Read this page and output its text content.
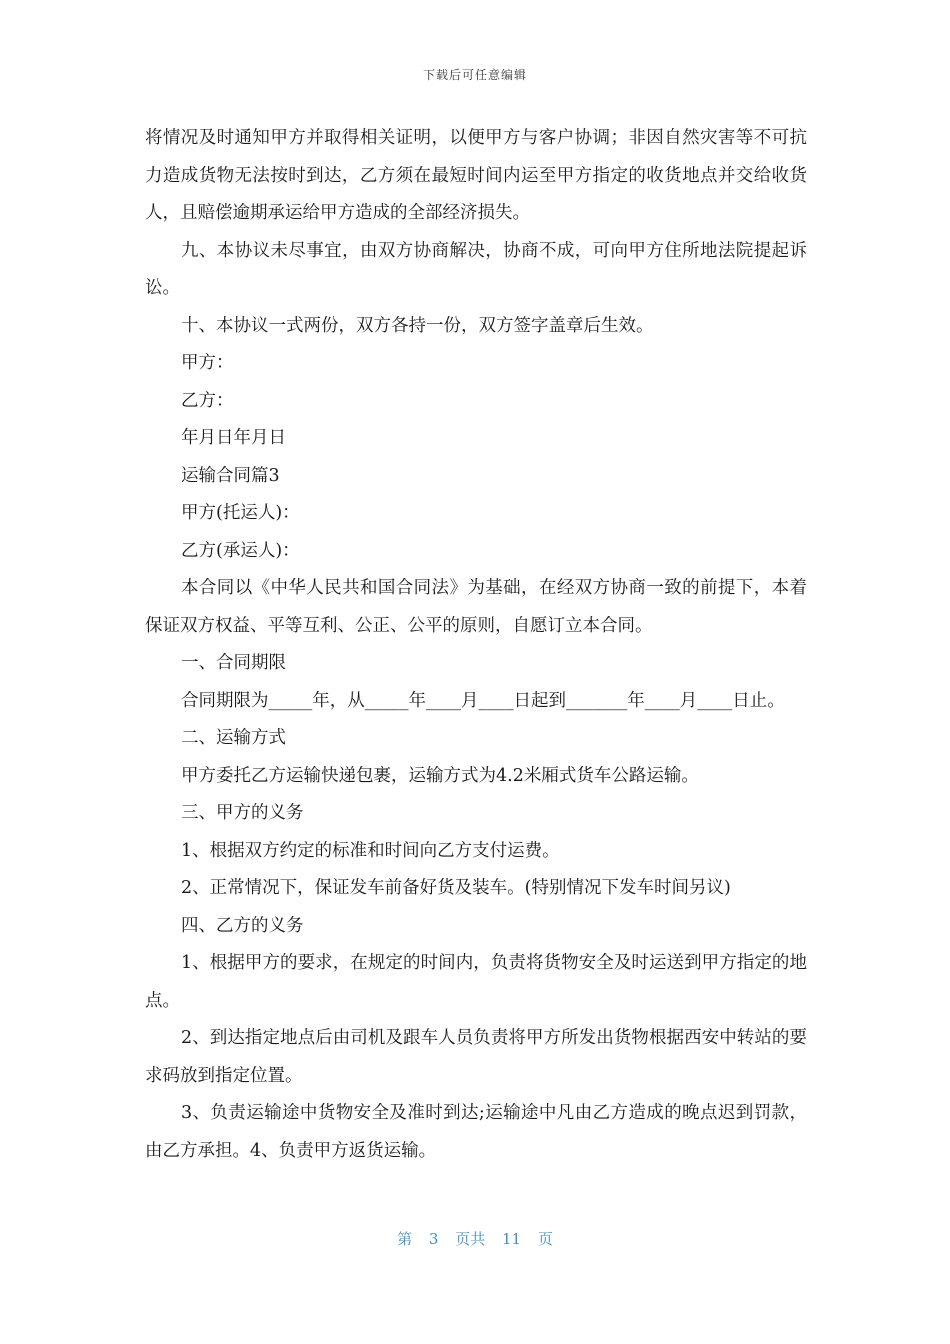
下载后可任意编辑

将情况及时通知甲方并取得相关证明，以便甲方与客户协调；非因自然灾害等不可抗力造成货物无法按时到达，乙方须在最短时间内运至甲方指定的收货地点并交给收货人，且赔偿逾期承运给甲方造成的全部经济损失。

九、本协议未尽事宜，由双方协商解决，协商不成，可向甲方住所地法院提起诉讼。

十、本协议一式两份，双方各持一份，双方签字盖章后生效。

甲方：

乙方：

年月日年月日

运输合同篇3

甲方(托运人)：

乙方(承运人)：

本合同以《中华人民共和国合同法》为基础，在经双方协商一致的前提下，本着保证双方权益、平等互利、公正、公平的原则，自愿订立本合同。

一、合同期限

合同期限为_____年，从_____年____月____日起到_______年____月____日止。

二、运输方式

甲方委托乙方运输快递包裹，运输方式为4.2米厢式货车公路运输。

三、甲方的义务

1、根据双方约定的标准和时间向乙方支付运费。

2、正常情况下，保证发车前备好货及装车。(特别情况下发车时间另议)

四、乙方的义务

1、根据甲方的要求，在规定的时间内，负责将货物安全及时运送到甲方指定的地点。

2、到达指定地点后由司机及跟车人员负责将甲方所发出货物根据西安中转站的要求码放到指定位置。

3、负责运输途中货物安全及准时到达;运输途中凡由乙方造成的晚点迟到罚款，由乙方承担。4、负责甲方返货运输。

第 3 页共 11 页
